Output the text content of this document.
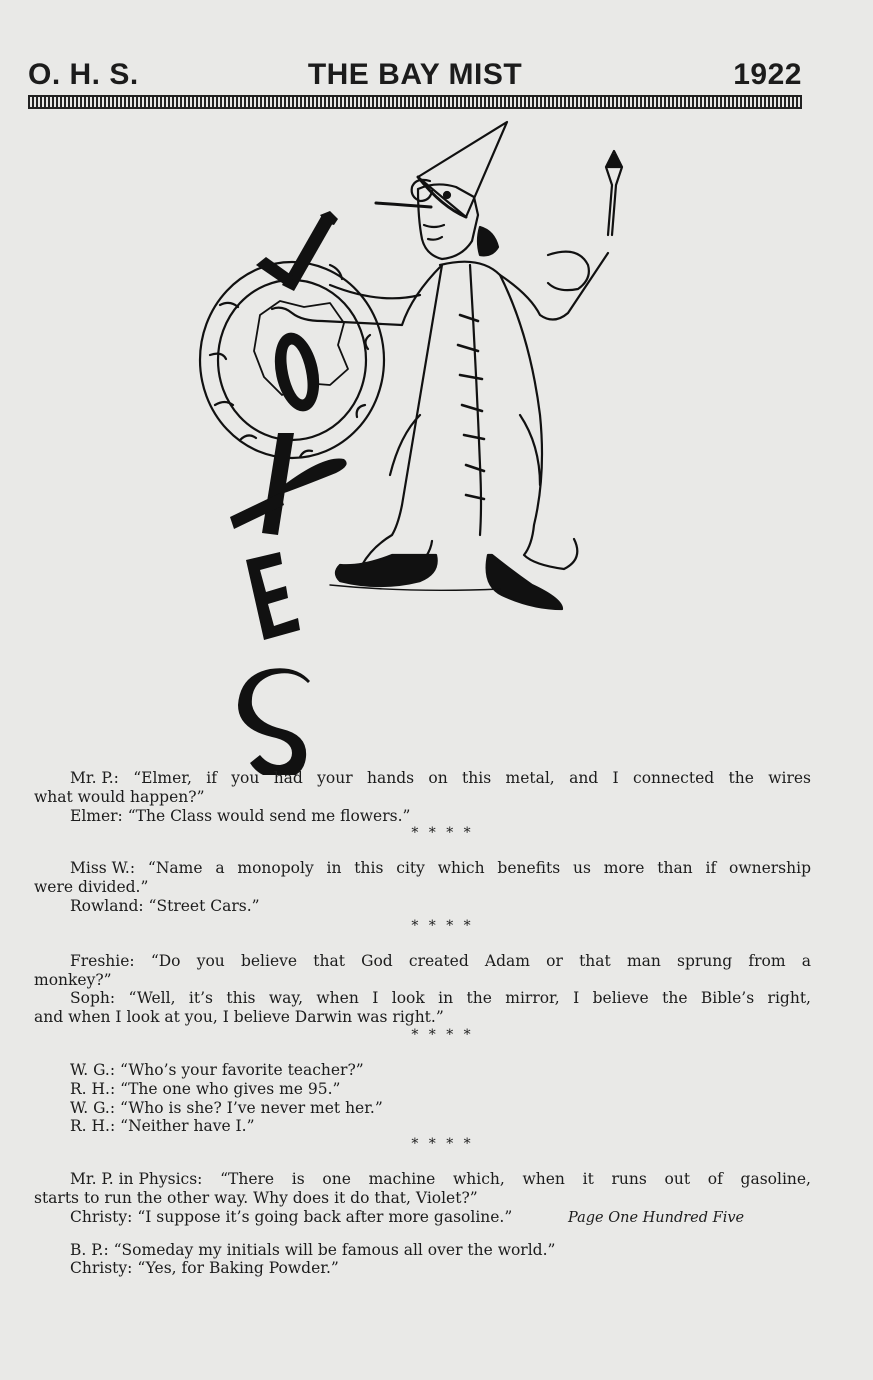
THE BAY MIST
O. H. S.	1922
Mr. P.: “Elmer, if you had your hands on this metal, and I connected the wires
what would happen?”
Elmer: “The Class would send me flowers.”
* * * *
Miss W.: “Name a monopoly in this city which benefits us more than if ownership
were divided.”
Rowland: “Street Cars.”
* * * *
Freshie: “Do you believe that God created Adam or that man sprung from a
monkey?”
Soph: “Well, it’s this way, when I look in the mirror, I believe the Bible’s right,
and when I look at you, I believe Darwin was right.”
* * * *
W. G.: “Who’s your favorite teacher?”
R. H.: “The one who gives me 95.”
W. G.: “Who is she? I’ve never met her.”
R. H.: “Neither have I.”
* * * *
Mr. P. in Physics: “There is one machine which, when it runs out of gasoline,
starts to run the other way. Why does it do that, Violet?”
Christy: “I suppose it’s going back after more gasoline.”
B. P.: “Someday my initials will be famous all over the world.”
Christy: “Yes, for Baking Powder.”
Page One Hundred Five
